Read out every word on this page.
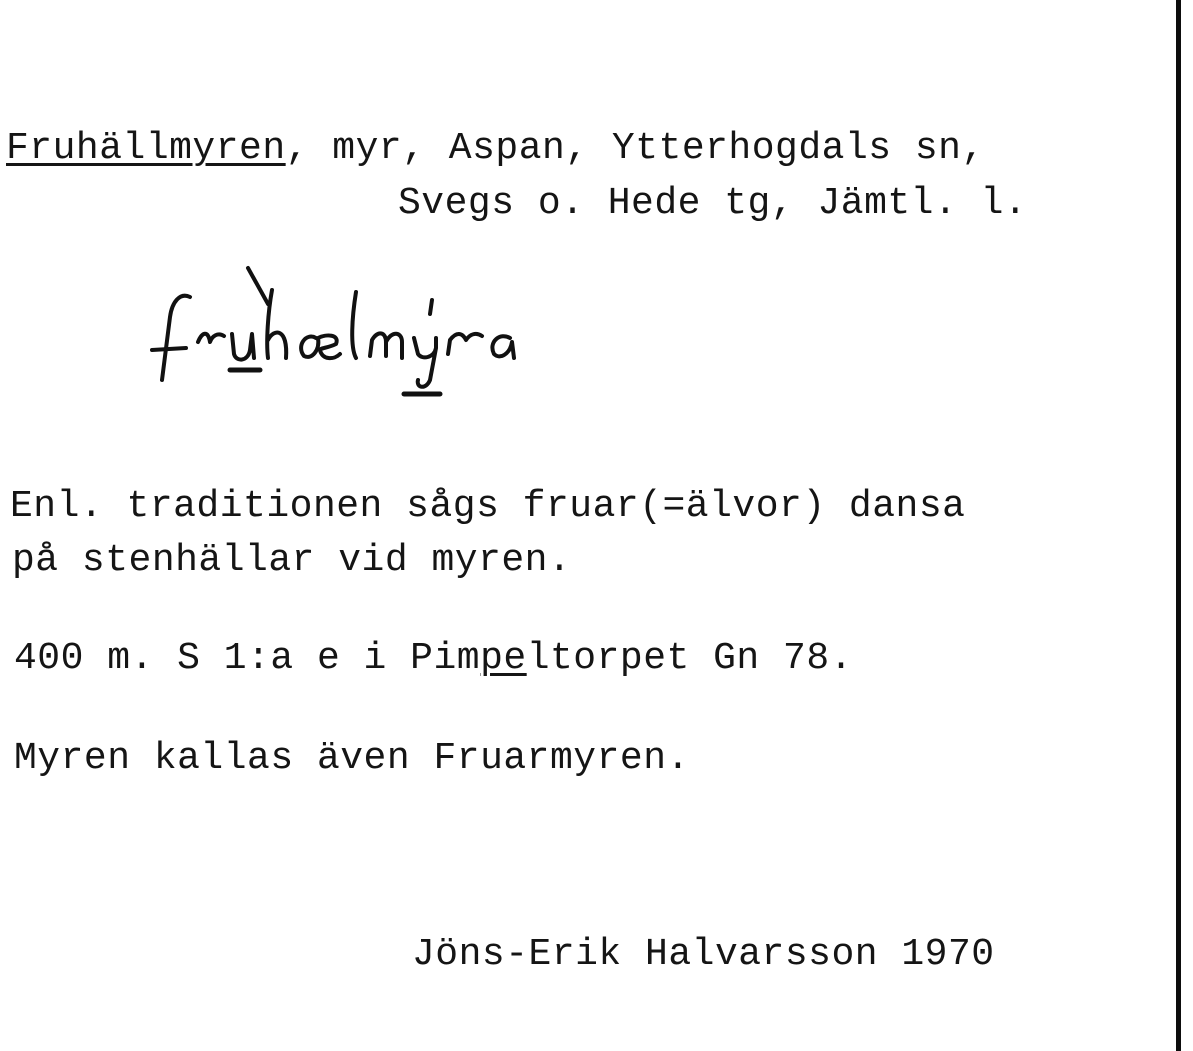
Fruhällmyren, myr, Aspan, Ytterhogdals sn,
Svegs o. Hede tg, Jämtl. l.
Enl. traditionen sågs fruar(=älvor) dansa
på stenhällar vid myren.
400 m. S 1:a e i Pimpeltorpet Gn 78.
Myren kallas även Fruarmyren.
Jöns-Erik Halvarsson 1970
